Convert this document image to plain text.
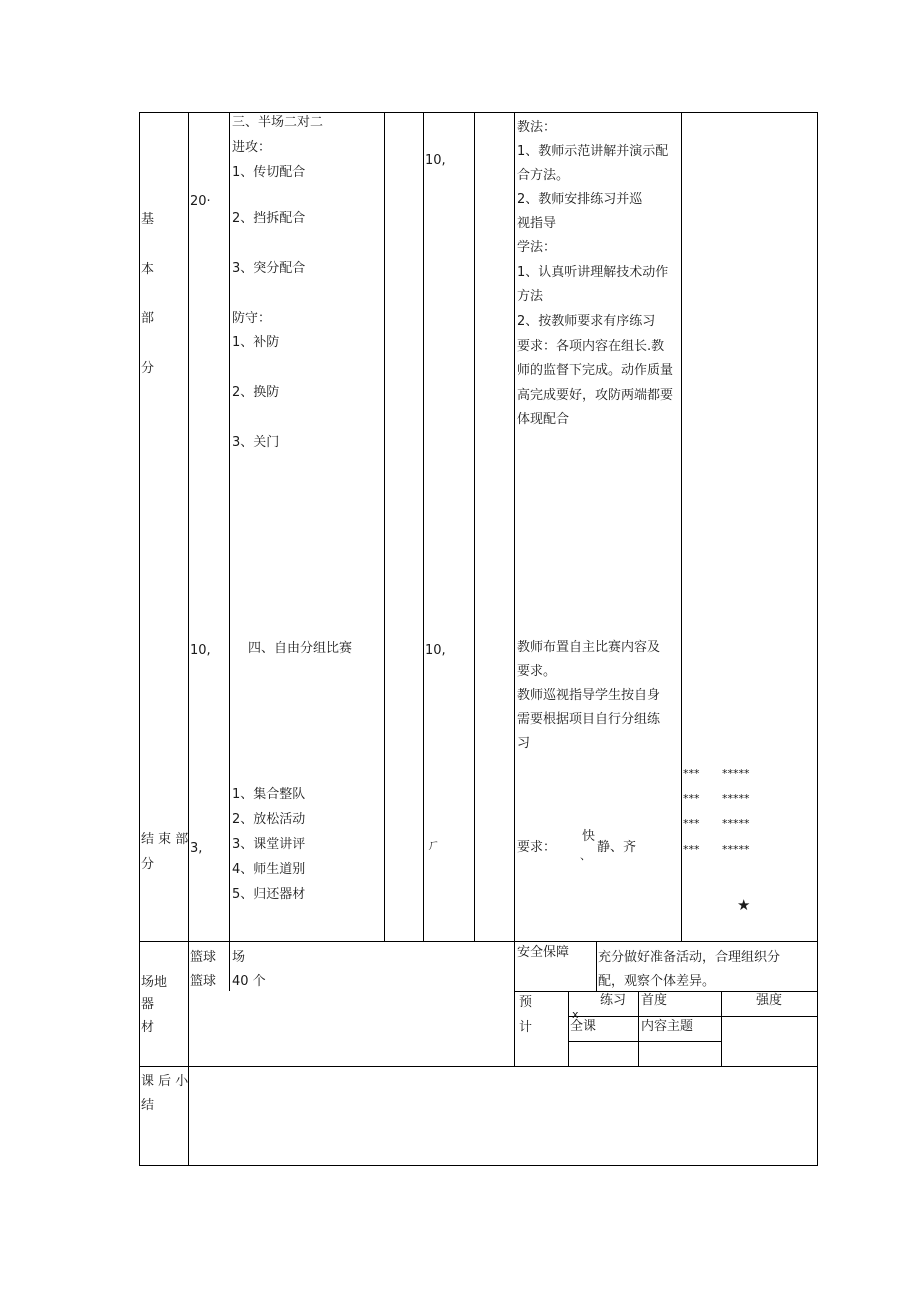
基
本
部
分
结 束 部
分
场地
器
材
课 后 小
结
20·
10,
3,
三、半场二对二
进攻：
1、传切配合
2、挡拆配合
3、突分配合
防守：
1、补防
2、换防
3、关门
四、自由分组比赛
1、集合整队
2、放松活动
3、课堂讲评
4、师生道别
5、归还器材
10,
10,
ㄏ
教法：
1、教师示范讲解并演示配
合方法。
2、教师安排练习并巡
视指导
学法：
1、认真听讲理解技术动作
方法
2、按教师要求有序练习
要求：各项内容在组长.教
师的监督下完成。动作质量
高完成要好，攻防两端都要
体现配合
教师布置自主比赛内容及
要求。
教师巡视指导学生按自身
需要根据项目自行分组练
习
要求：
快
、
静、齐
*** *****
*** *****
*** *****
*** *****
★
篮球 场
篮球 40 个
安全保障 充分做好准备活动，合理组织分
配，观察个体差异。
预
计
练习
ⅹ
首度	强度
全课	内容主题
